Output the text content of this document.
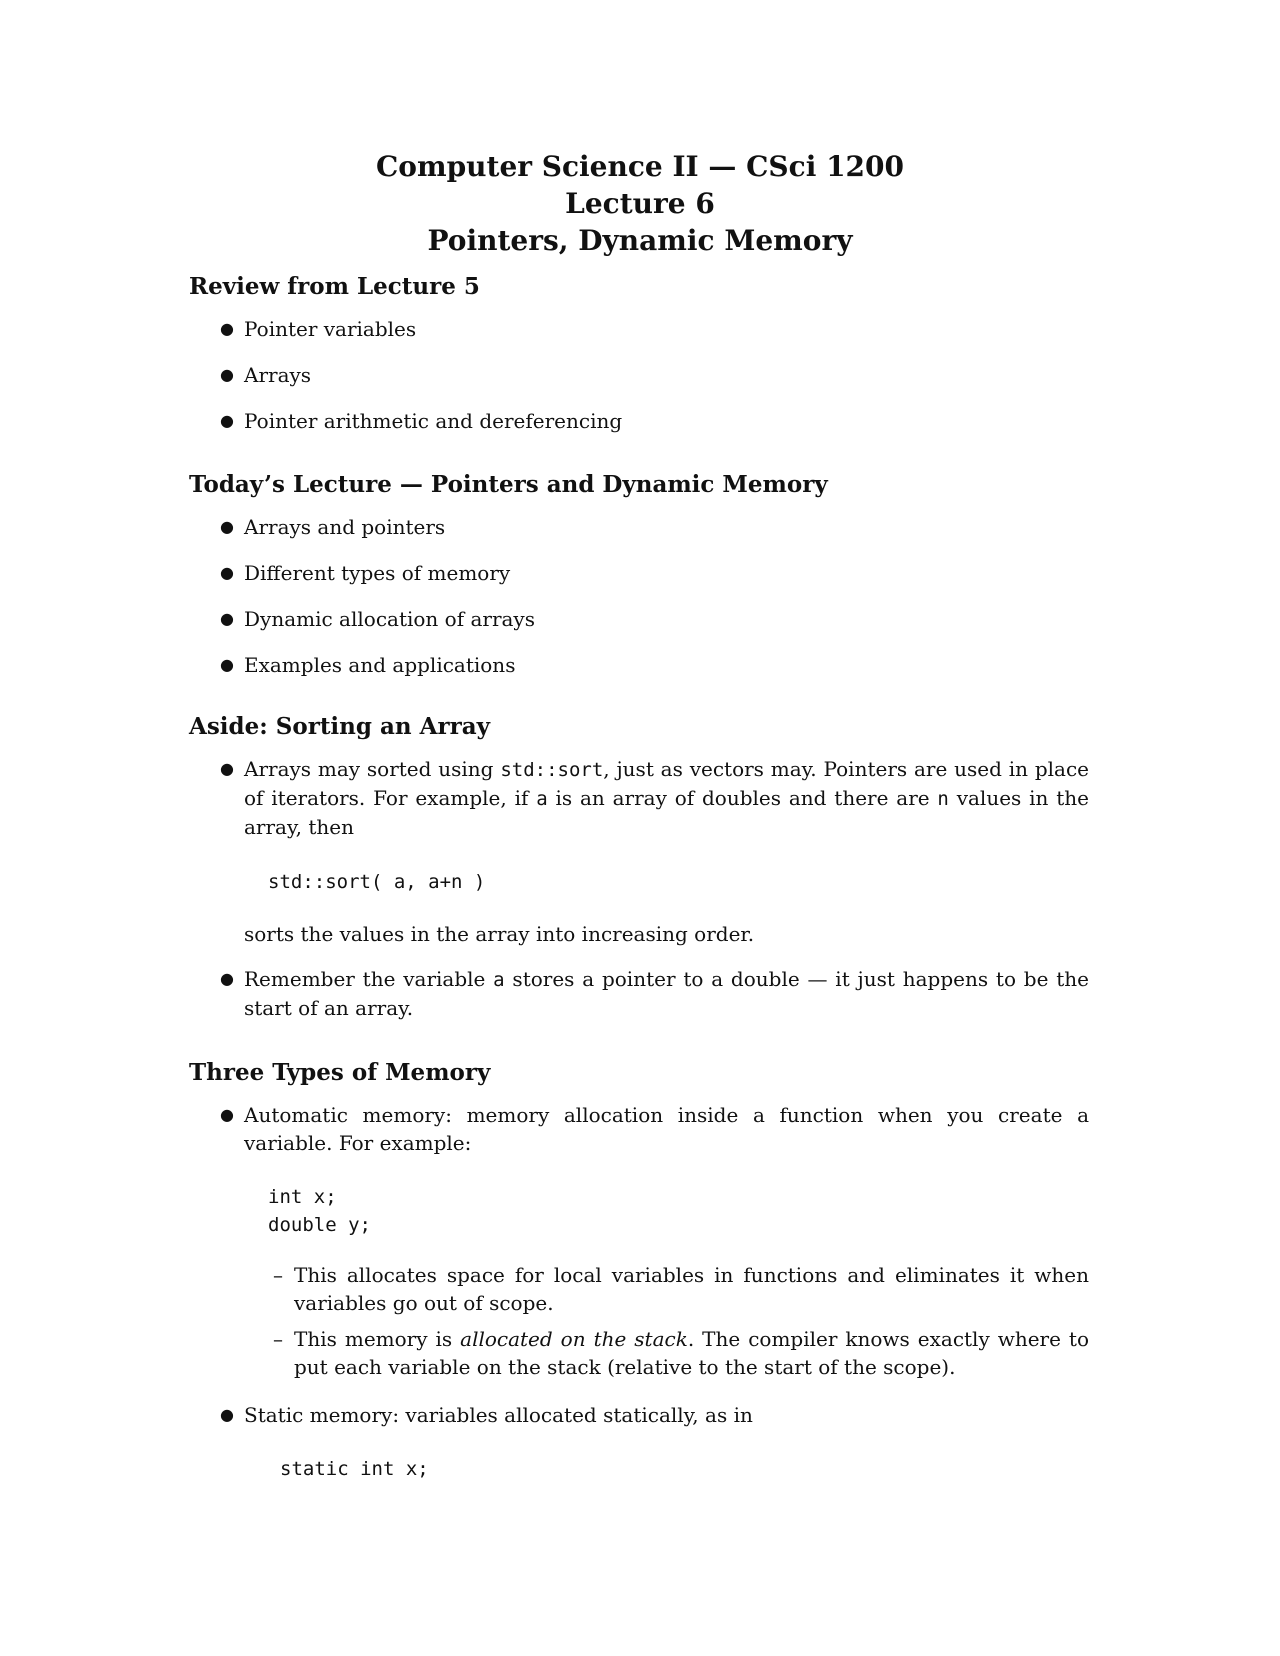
Computer Science II — CSci 1200
Lecture 6
Pointers, Dynamic Memory
Review from Lecture 5
● Pointer variables
● Arrays
● Pointer arithmetic and dereferencing
Today’s Lecture — Pointers and Dynamic Memory
● Arrays and pointers
● Different types of memory
● Dynamic allocation of arrays
● Examples and applications
Aside: Sorting an Array
● Arrays may sorted using std::sort, just as vectors may. Pointers are used in place of iterators. For example, if a is an array of doubles and there are n values in the array, then
std::sort( a, a+n )
sorts the values in the array into increasing order.
● Remember the variable a stores a pointer to a double — it just happens to be the start of an array.
Three Types of Memory
● Automatic memory: memory allocation inside a function when you create a variable. For example:
int x;
double y;
– This allocates space for local variables in functions and eliminates it when variables go out of scope.
– This memory is allocated on the stack. The compiler knows exactly where to put each variable on the stack (relative to the start of the scope).
● Static memory: variables allocated statically, as in
static int x;
